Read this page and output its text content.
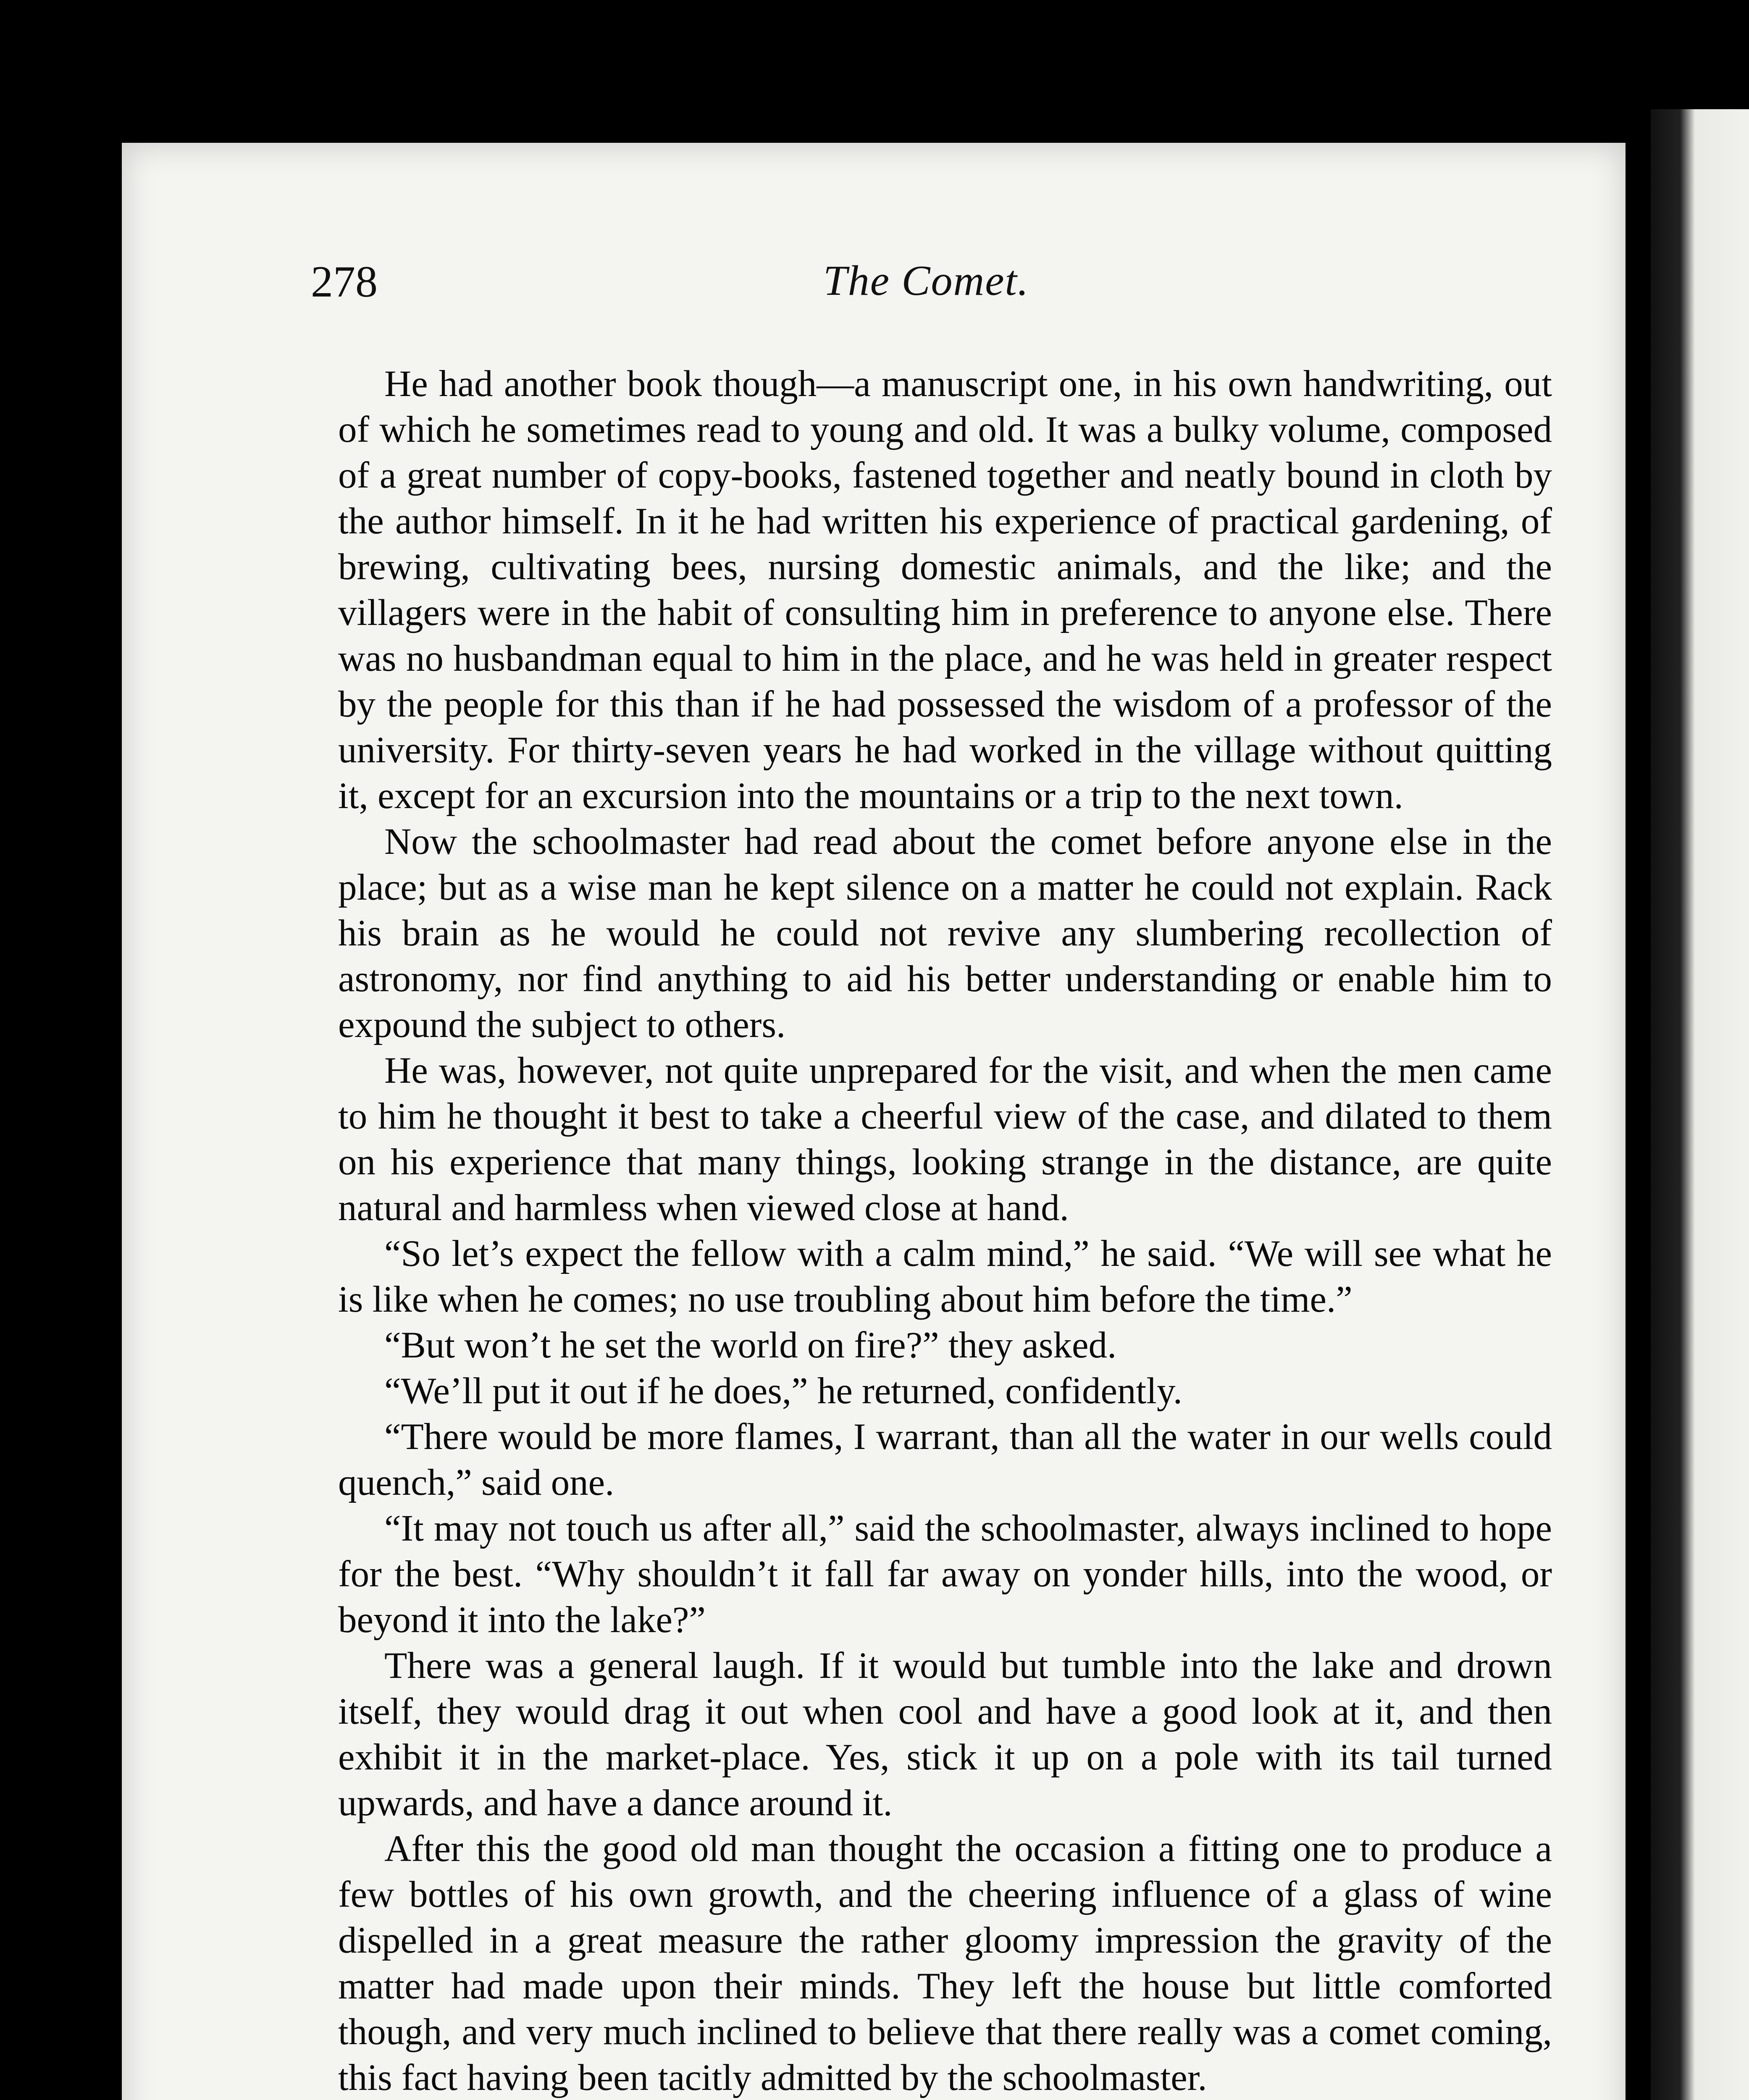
278	The Comet.

He had another book though—a manuscript one, in his own handwriting, out of which he sometimes read to young and old. It was a bulky volume, composed of a great number of copy-books, fastened together and neatly bound in cloth by the author himself. In it he had written his experience of practical gardening, of brewing, cultivating bees, nursing domestic animals, and the like; and the villagers were in the habit of consulting him in preference to anyone else. There was no husbandman equal to him in the place, and he was held in greater respect by the people for this than if he had possessed the wisdom of a professor of the university. For thirty-seven years he had worked in the village without quitting it, except for an excursion into the mountains or a trip to the next town.

Now the schoolmaster had read about the comet before anyone else in the place; but as a wise man he kept silence on a matter he could not explain. Rack his brain as he would he could not revive any slumbering recollection of astronomy, nor find anything to aid his better understanding or enable him to expound the subject to others.

He was, however, not quite unprepared for the visit, and when the men came to him he thought it best to take a cheerful view of the case, and dilated to them on his experience that many things, looking strange in the distance, are quite natural and harmless when viewed close at hand.

“So let’s expect the fellow with a calm mind,” he said. “We will see what he is like when he comes; no use troubling about him before the time.”

“But won’t he set the world on fire?” they asked.

“We’ll put it out if he does,” he returned, confidently.

“There would be more flames, I warrant, than all the water in our wells could quench,” said one.

“It may not touch us after all,” said the schoolmaster, always inclined to hope for the best. “Why shouldn’t it fall far away on yonder hills, into the wood, or beyond it into the lake?”

There was a general laugh. If it would but tumble into the lake and drown itself, they would drag it out when cool and have a good look at it, and then exhibit it in the market-place. Yes, stick it up on a pole with its tail turned upwards, and have a dance around it.

After this the good old man thought the occasion a fitting one to produce a few bottles of his own growth, and the cheering influence of a glass of wine dispelled in a great measure the rather gloomy impression the gravity of the matter had made upon their minds. They left the house but little comforted though, and very much inclined to believe that there really was a comet coming, this fact having been tacitly admitted by the schoolmaster.
